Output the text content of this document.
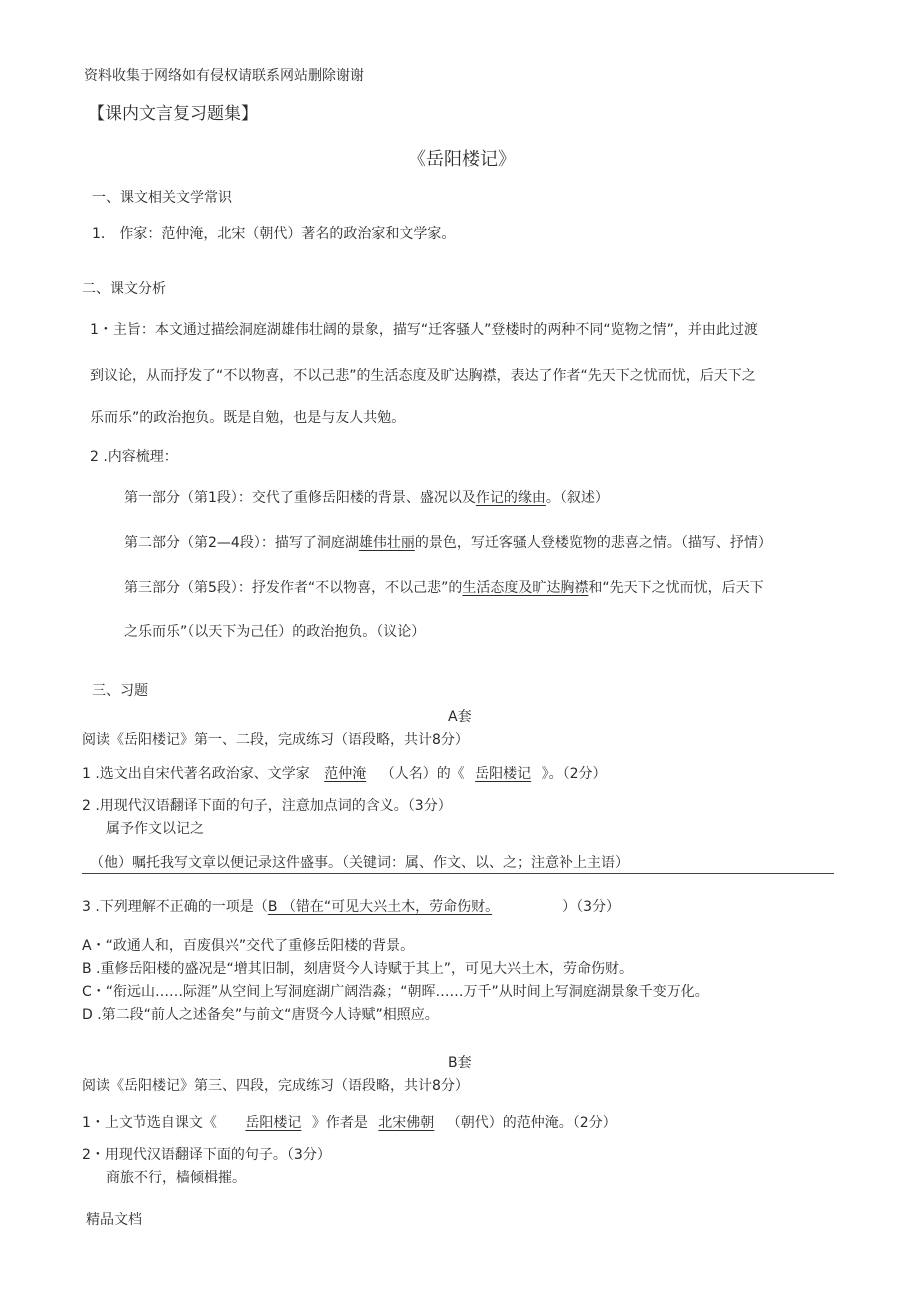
资料收集于网络如有侵权请联系网站删除谢谢
【课内文言复习题集】
《岳阳楼记》
一、课文相关文学常识
1． 作家：范仲淹，北宋（朝代）著名的政治家和文学家。
二、课文分析
1・主旨：本文通过描绘洞庭湖雄伟壮阔的景象，描写“迁客骚人”登楼时的两种不同“览物之情”，并由此过渡
到议论，从而抒发了“不以物喜，不以己悲”的生活态度及旷达胸襟，表达了作者“先天下之忧而忧，后天下之
乐而乐”的政治抱负。既是自勉，也是与友人共勉。
2 .内容梳理：
第一部分（第1段）：交代了重修岳阳楼的背景、盛况以及作记的缘由。（叙述）
第二部分（第2—4段）：描写了洞庭湖雄伟壮丽的景色，写迁客骚人登楼览物的悲喜之情。（描写、抒情）
第三部分（第5段）：抒发作者“不以物喜，不以己悲”的生活态度及旷达胸襟和“先天下之忧而忧，后天下
之乐而乐”（以天下为己任）的政治抱负。（议论）
三、习题
A套
阅读《岳阳楼记》第一、二段，完成练习（语段略，共计8分）
1 .选文出自宋代著名政治家、文学家 范仲淹 （人名）的《 岳阳楼记 》。（2分）
2 .用现代汉语翻译下面的句子，注意加点词的含义。（3分）
属予作文以记之
（他）嘱托我写文章以便记录这件盛事。（关键词：属、作文、以、之；注意补上主语）
3 .下列理解不正确的一项是（B （错在“可见大兴土木，劳命伤财。	）（3分）
A・“政通人和，百废俱兴”交代了重修岳阳楼的背景。
B .重修岳阳楼的盛况是“增其旧制，刻唐贤今人诗赋于其上”，可见大兴土木，劳命伤财。
C・“衔远山……际涯”从空间上写洞庭湖广阔浩淼；“朝晖……万千”从时间上写洞庭湖景象千变万化。
D .第二段“前人之述备矣”与前文“唐贤今人诗赋”相照应。
B套
阅读《岳阳楼记》第三、四段，完成练习（语段略，共计8分）
1・上文节选自课文《 岳阳楼记 》作者是 北宋佛朝 （朝代）的范仲淹。（2分）
2・用现代汉语翻译下面的句子。（3分）
商旅不行，樯倾楫摧。
精品文档
